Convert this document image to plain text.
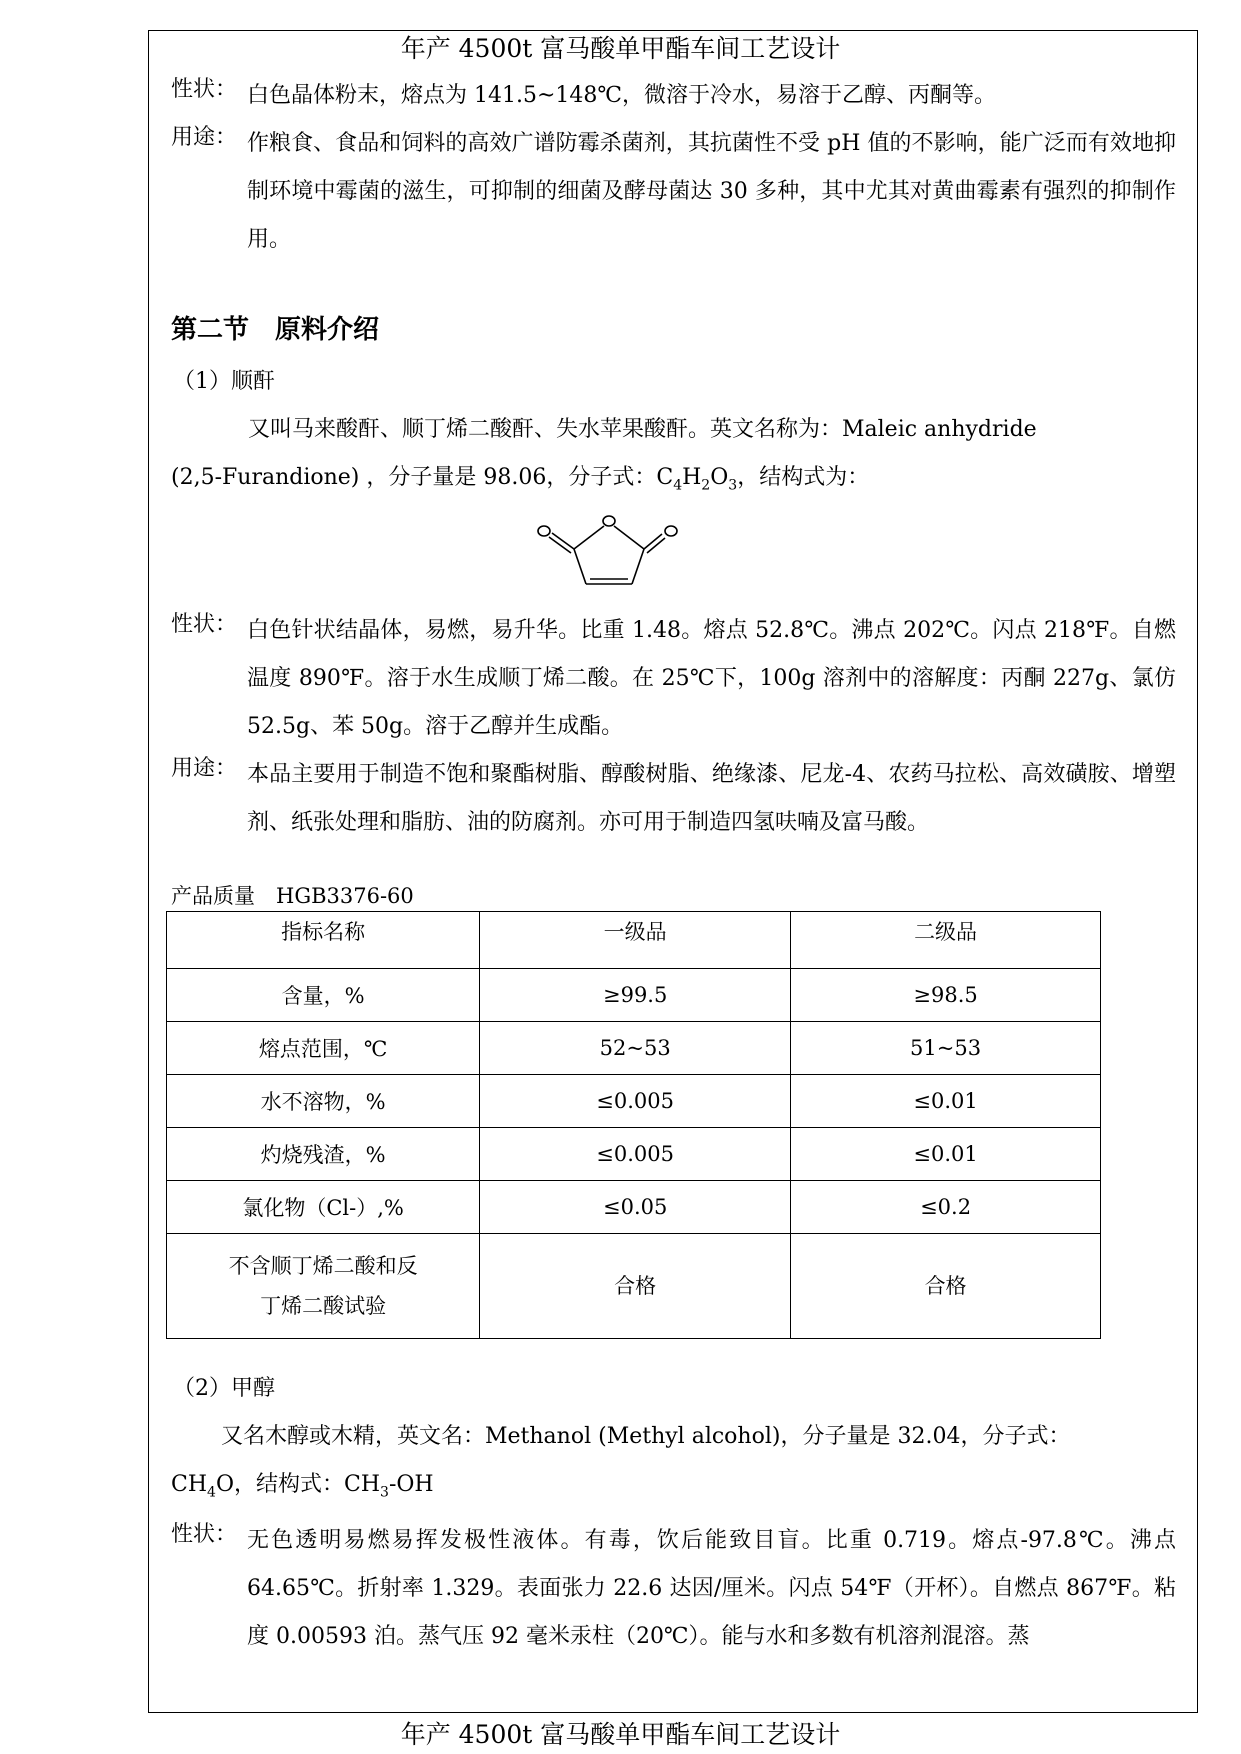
年产 4500t 富马酸单甲酯车间工艺设计
性状： 白色晶体粉末，熔点为 141.5~148℃，微溶于冷水，易溶于乙醇、丙酮等。
用途： 作粮食、食品和饲料的高效广谱防霉杀菌剂，其抗菌性不受 pH 值的不影响，能广泛而有效地抑制环境中霉菌的滋生，可抑制的细菌及酵母菌达 30 多种，其中尤其对黄曲霉素有强烈的抑制作用。
第二节　原料介绍
（1）顺酐
又叫马来酸酐、顺丁烯二酸酐、失水苹果酸酐。英文名称为：Maleic anhydride
(2,5-Furandione) ，分子量是 98.06，分子式：$C_4H_2O_3$，结构式为：
性状： 白色针状结晶体，易燃，易升华。比重 1.48。熔点 52.8℃。沸点 202℃。闪点 218℉。自燃温度 890℉。溶于水生成顺丁烯二酸。在 25℃下，100g 溶剂中的溶解度：丙酮 227g、氯仿 52.5g、苯 50g。溶于乙醇并生成酯。
用途： 本品主要用于制造不饱和聚酯树脂、醇酸树脂、绝缘漆、尼龙-4、农药马拉松、高效磺胺、增塑剂、纸张处理和脂肪、油的防腐剂。亦可用于制造四氢呋喃及富马酸。
产品质量　HGB3376-60
指标名称	一级品	二级品
含量，%	≥99.5	≥98.5
熔点范围，℃	52~53	51~53
水不溶物，%	≤0.005	≤0.01
灼烧残渣，%	≤0.005	≤0.01
氯化物（Cl-）,%	≤0.05	≤0.2
不含顺丁烯二酸和反
丁烯二酸试验	合格	合格
（2）甲醇
又名木醇或木精，英文名：Methanol (Methyl alcohol)，分子量是 32.04，分子式：
$CH_4O$，结构式：$CH_3-OH$
性状： 无色透明易燃易挥发极性液体。有毒，饮后能致目盲。比重 0.719。熔点-97.8℃。沸点 64.65℃。折射率 1.329。表面张力 22.6 达因/厘米。闪点 54℉（开杯）。自燃点 867℉。粘度 0.00593 泊。蒸气压 92 毫米汞柱（20℃）。能与水和多数有机溶剂混溶。蒸
年产 4500t 富马酸单甲酯车间工艺设计
